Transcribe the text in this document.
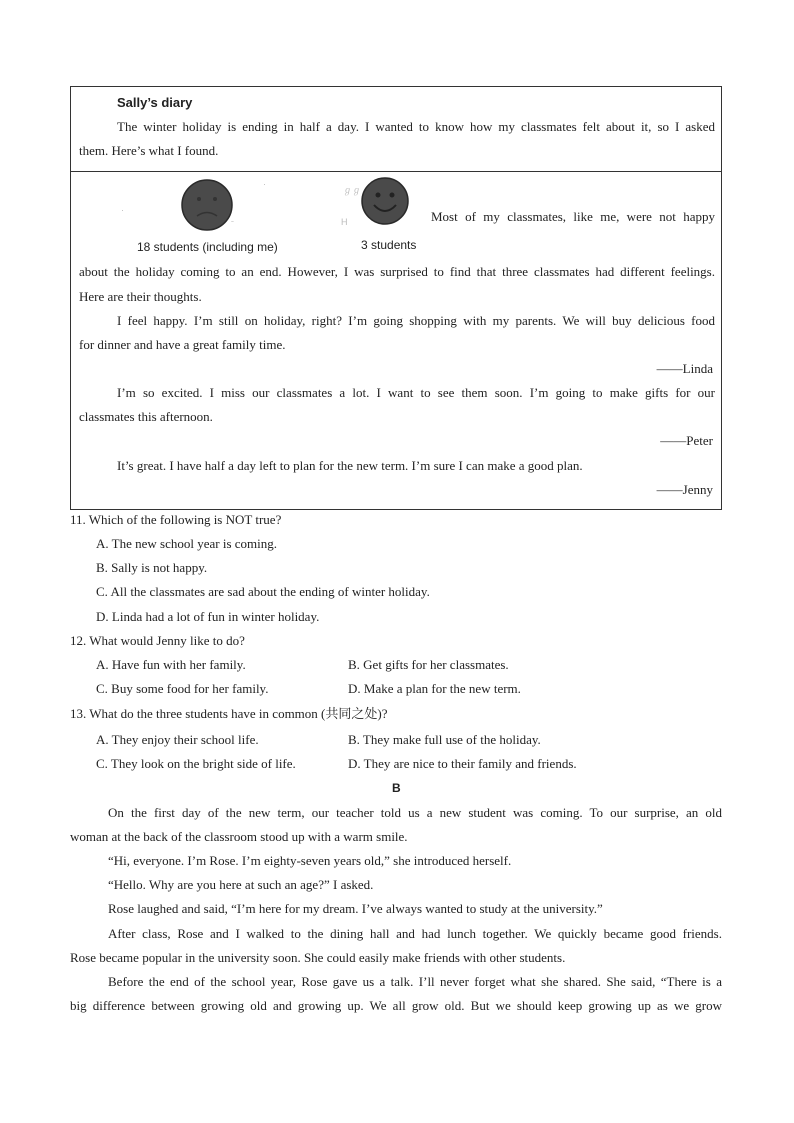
Sally’s diary
The winter holiday is ending in half a day. I wanted to know how my classmates felt about it, so I asked
them. Here’s what I found.
·
·
ˉ
18 students (including me)
ℊℊ
H
3 students
Most of my classmates, like me, were not happy
about the holiday coming to an end. However, I was surprised to find that three classmates had different feelings.
Here are their thoughts.
I feel happy. I’m still on holiday, right? I’m going shopping with my parents. We will buy delicious food
for dinner and have a great family time.
——Linda
I’m so excited. I miss our classmates a lot. I want to see them soon. I’m going to make gifts for our
classmates this afternoon.
——Peter
It’s great. I have half a day left to plan for the new term. I’m sure I can make a good plan.
——Jenny
11. Which of the following is NOT true?
A. The new school year is coming.
B. Sally is not happy.
C. All the classmates are sad about the ending of winter holiday.
D. Linda had a lot of fun in winter holiday.
12. What would Jenny like to do?
A. Have fun with her family.	B. Get gifts for her classmates.
C. Buy some food for her family.	D. Make a plan for the new term.
13. What do the three students have in common (共同之处)?
A. They enjoy their school life.	B. They make full use of the holiday.
C. They look on the bright side of life.	D. They are nice to their family and friends.
B
On the first day of the new term, our teacher told us a new student was coming. To our surprise, an old
woman at the back of the classroom stood up with a warm smile.
“Hi, everyone. I’m Rose. I’m eighty-seven years old,” she introduced herself.
“Hello. Why are you here at such an age?” I asked.
Rose laughed and said, “I’m here for my dream. I’ve always wanted to study at the university.”
After class, Rose and I walked to the dining hall and had lunch together. We quickly became good friends.
Rose became popular in the university soon. She could easily make friends with other students.
Before the end of the school year, Rose gave us a talk. I’ll never forget what she shared. She said, “There is a
big difference between growing old and growing up. We all grow old. But we should keep growing up as we grow
